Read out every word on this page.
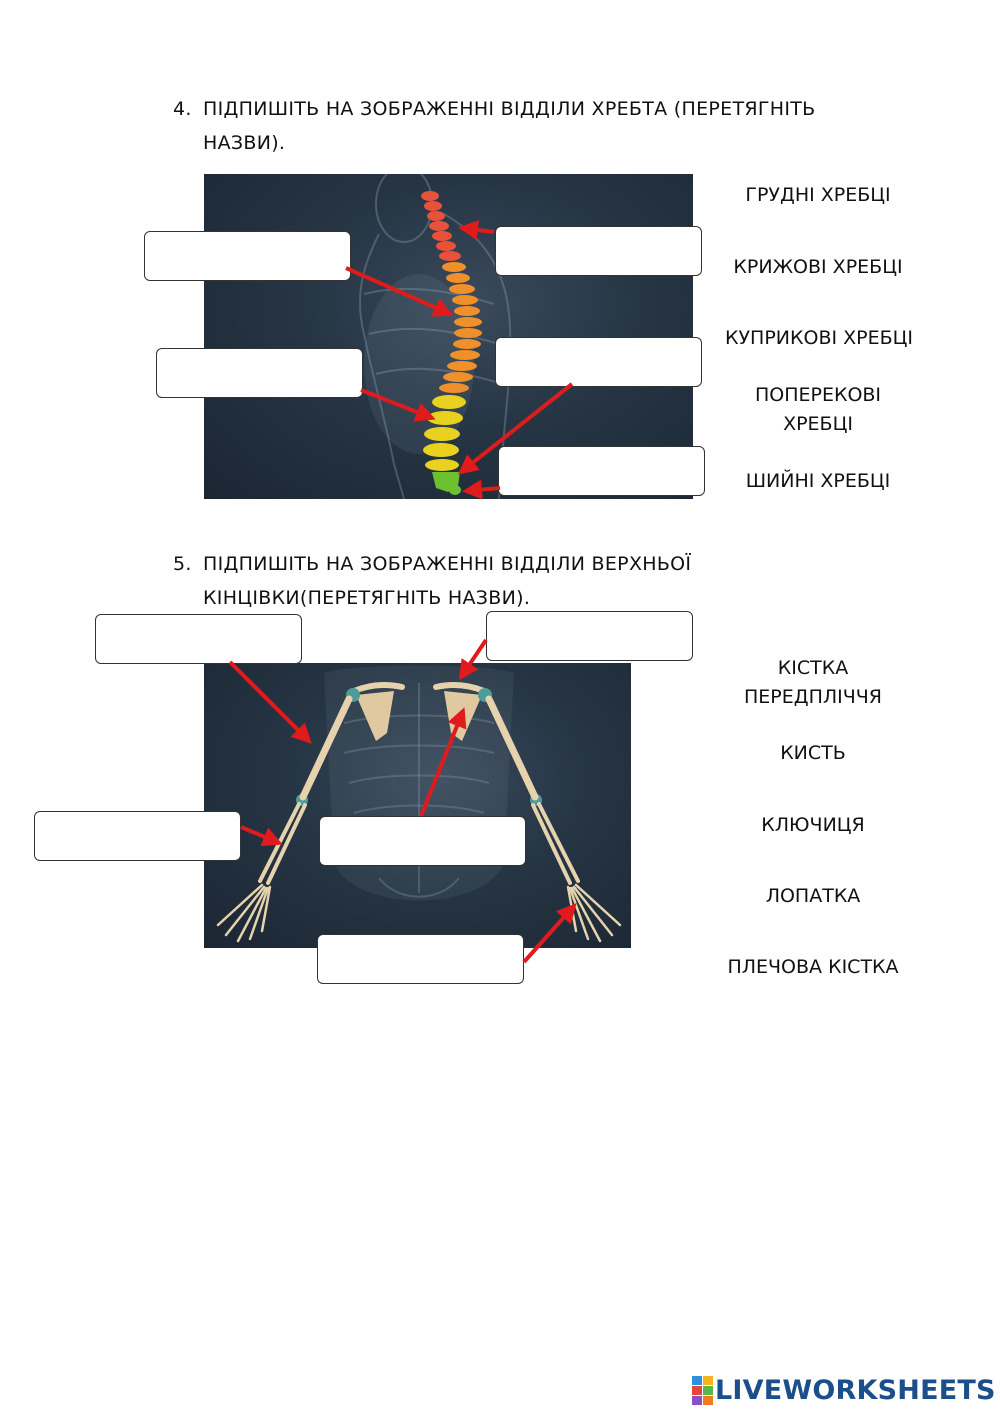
4. ПІДПИШІТЬ НА ЗОБРАЖЕННІ ВІДДІЛИ ХРЕБТА (ПЕРЕТЯГНІТЬ
НАЗВИ).
ГРУДНІ ХРЕБЦІ
КРИЖОВІ ХРЕБЦІ
КУПРИКОВІ ХРЕБЦІ
ПОПЕРЕКОВІ
ХРЕБЦІ
ШИЙНІ ХРЕБЦІ
5. ПІДПИШІТЬ НА ЗОБРАЖЕННІ ВІДДІЛИ ВЕРХНЬОЇ
КІНЦІВКИ(ПЕРЕТЯГНІТЬ НАЗВИ).
КІСТКА
ПЕРЕДПЛІЧЧЯ
КИСТЬ
КЛЮЧИЦЯ
ЛОПАТКА
ПЛЕЧОВА КІСТКА
LIVEWORKSHEETS
